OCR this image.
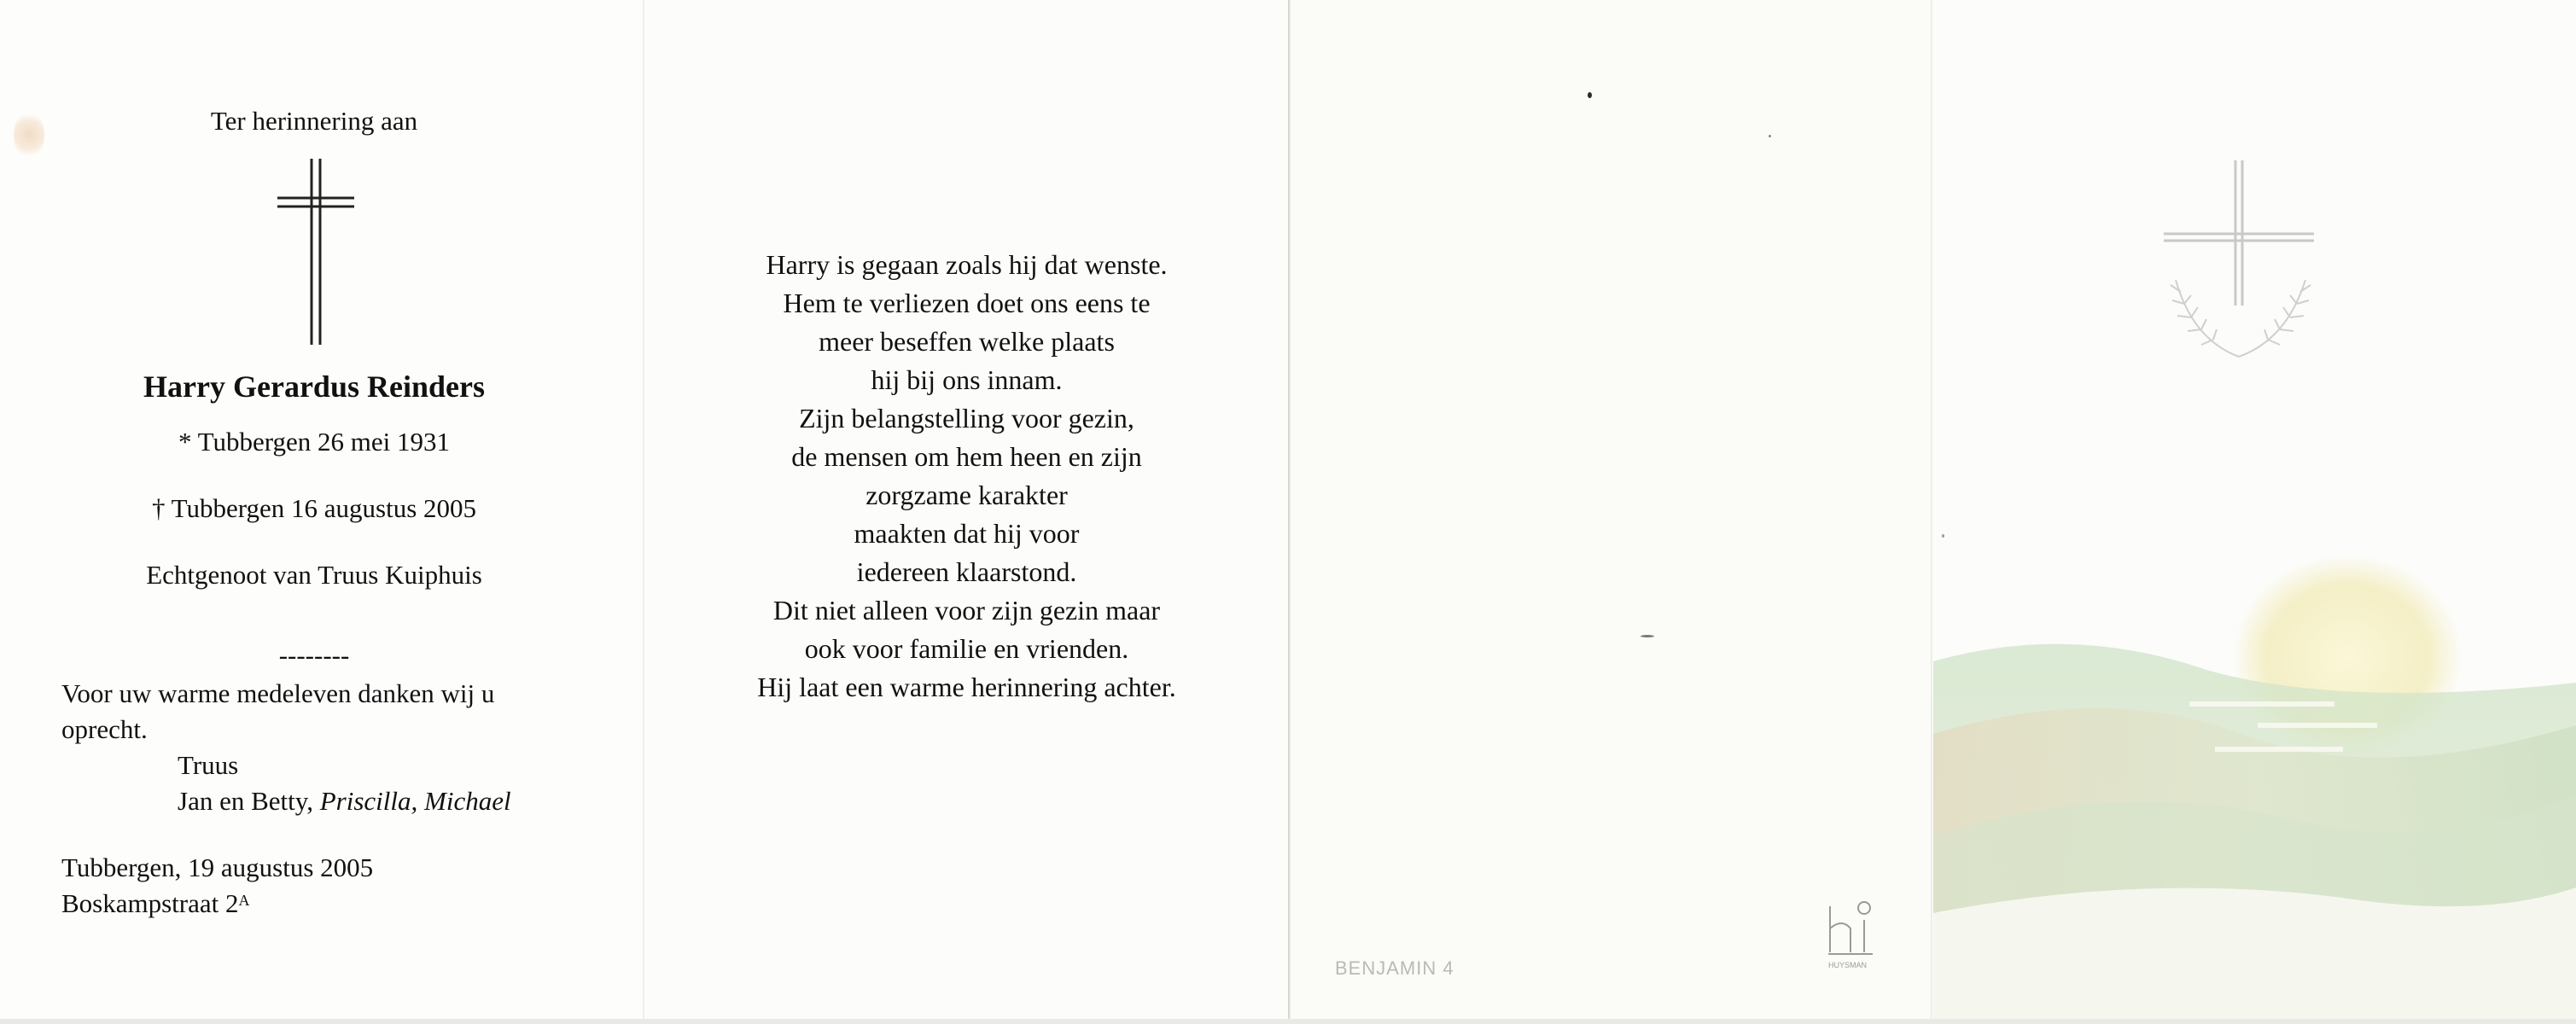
Ter herinnering aan
Harry Gerardus Reinders
* Tubbergen 26 mei 1931
† Tubbergen 16 augustus 2005
Echtgenoot van Truus Kuiphuis
--------
Voor uw warme medeleven danken wij u
oprecht.
Truus
Jan en Betty, Priscilla, Michael
Tubbergen, 19 augustus 2005
Boskampstraat $2^A$
Harry is gegaan zoals hij dat wenste.
Hem te verliezen doet ons eens te
meer beseffen welke plaats
hij bij ons innam.
Zijn belangstelling voor gezin,
de mensen om hem heen en zijn
zorgzame karakter
maakten dat hij voor
iedereen klaarstond.
Dit niet alleen voor zijn gezin maar
ook voor familie en vrienden.
Hij laat een warme herinnering achter.
BENJAMIN 4	HUYSMAN
